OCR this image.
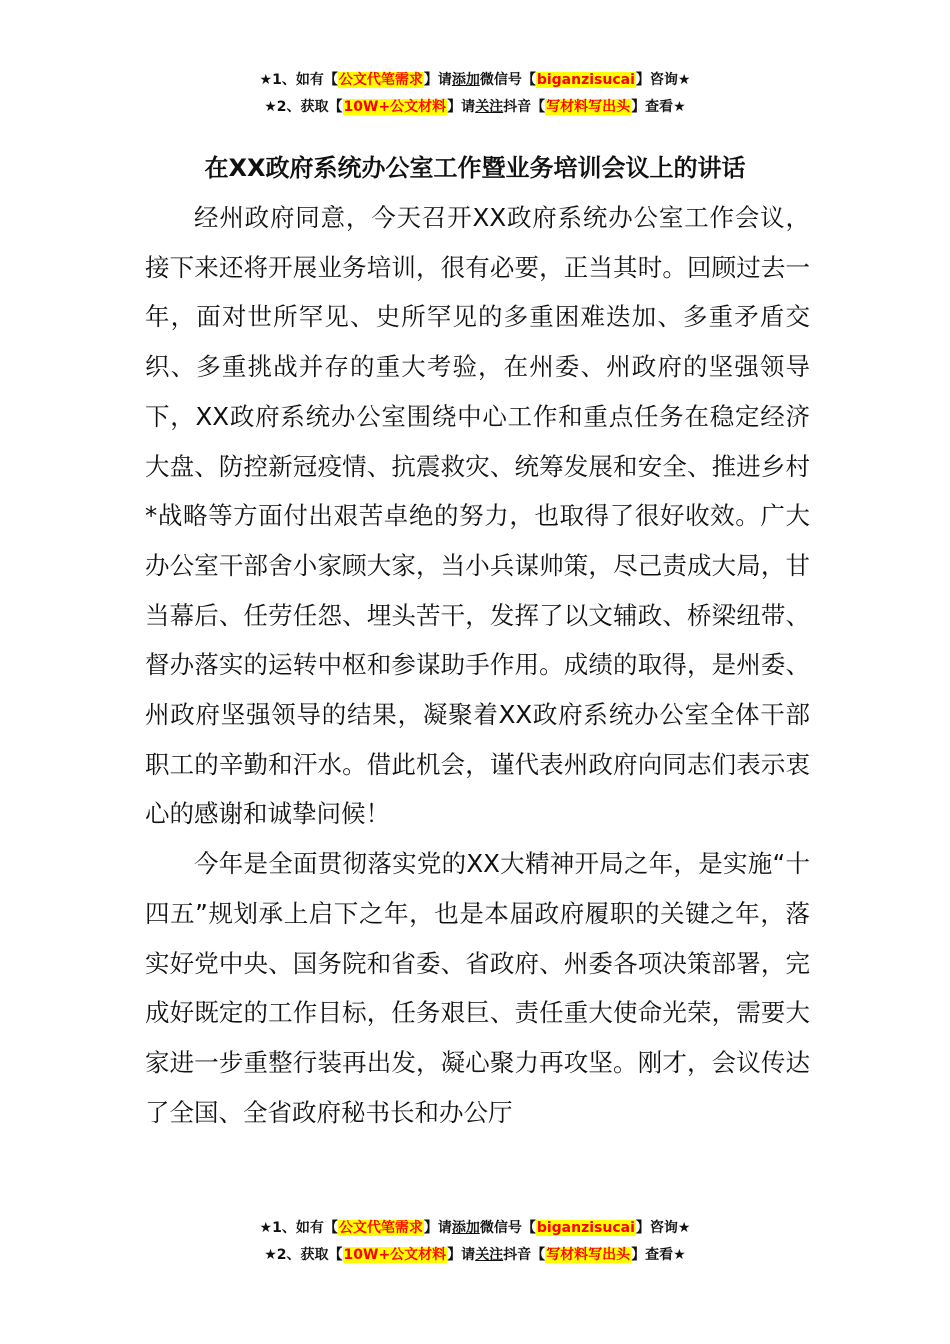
★1、如有【公文代笔需求】请添加微信号【biganzisucai】咨询★
★2、获取【10W+公文材料】请关注抖音【写材料写出头】查看★
在XX政府系统办公室工作暨业务培训会议上的讲话

经州政府同意，今天召开XX政府系统办公室工作会议，接下来还将开展业务培训，很有必要，正当其时。回顾过去一年，面对世所罕见、史所罕见的多重困难迭加、多重矛盾交织、多重挑战并存的重大考验，在州委、州政府的坚强领导下，XX政府系统办公室围绕中心工作和重点任务在稳定经济大盘、防控新冠疫情、抗震救灾、统筹发展和安全、推进乡村*战略等方面付出艰苦卓绝的努力，也取得了很好收效。广大办公室干部舍小家顾大家，当小兵谋帅策，尽己责成大局，甘当幕后、任劳任怨、埋头苦干，发挥了以文辅政、桥梁纽带、督办落实的运转中枢和参谋助手作用。成绩的取得，是州委、州政府坚强领导的结果，凝聚着XX政府系统办公室全体干部职工的辛勤和汗水。借此机会，谨代表州政府向同志们表示衷心的感谢和诚挚问候！

今年是全面贯彻落实党的XX大精神开局之年，是实施“十四五”规划承上启下之年，也是本届政府履职的关键之年，落实好党中央、国务院和省委、省政府、州委各项决策部署，完成好既定的工作目标，任务艰巨、责任重大使命光荣，需要大家进一步重整行装再出发，凝心聚力再攻坚。刚才，会议传达了全国、全省政府秘书长和办公厅

★1、如有【公文代笔需求】请添加微信号【biganzisucai】咨询★
★2、获取【10W+公文材料】请关注抖音【写材料写出头】查看★
